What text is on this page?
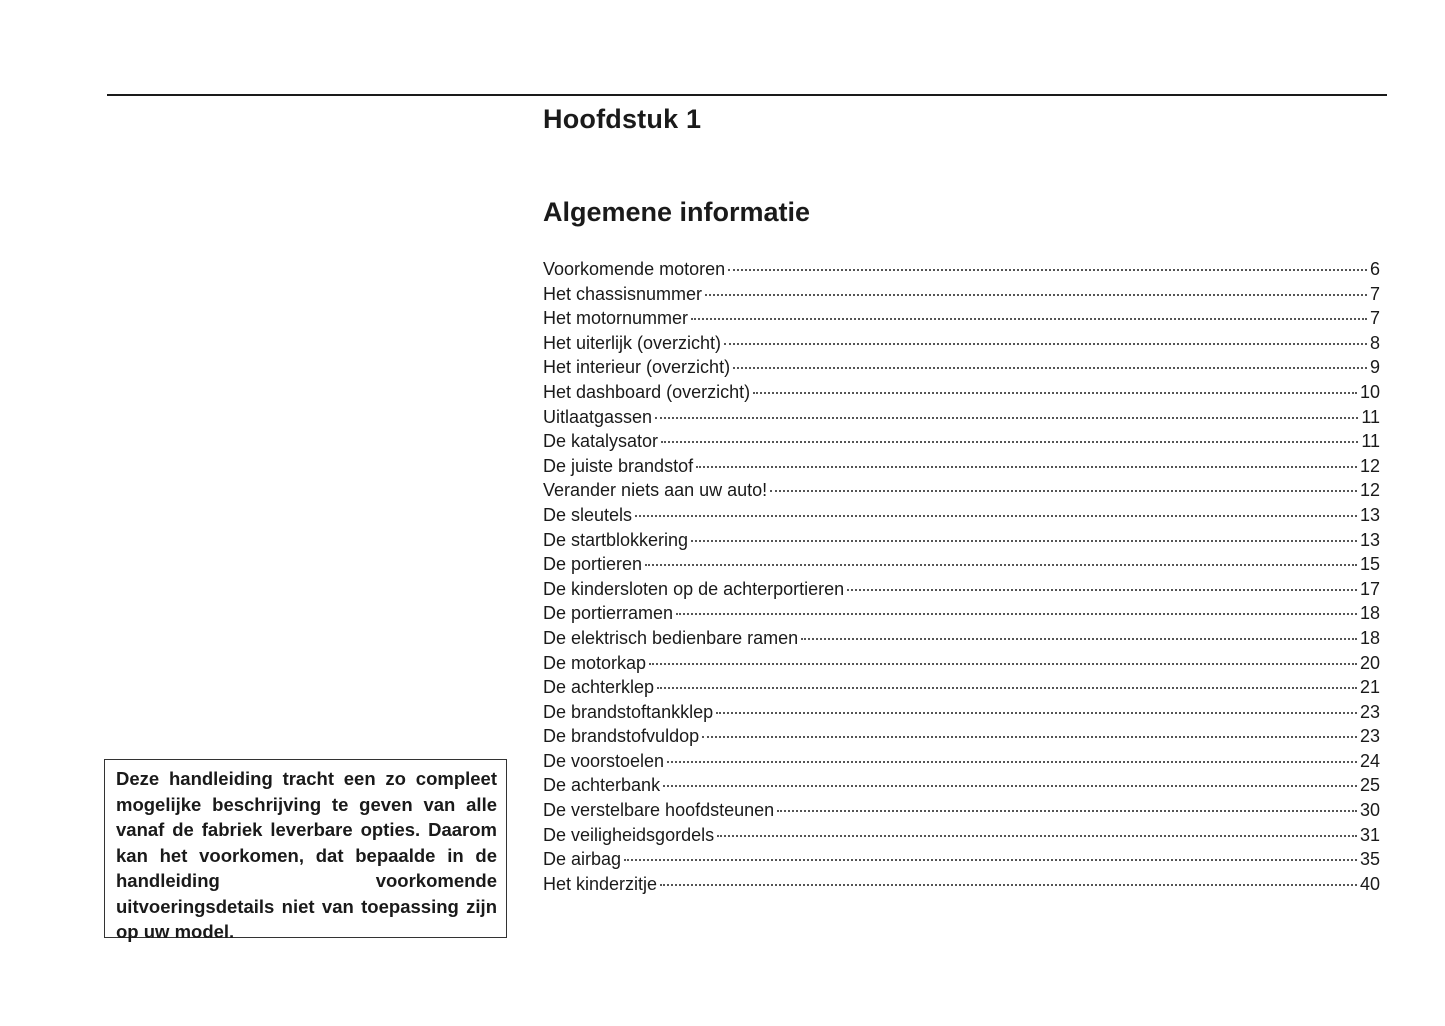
Hoofdstuk 1
Algemene informatie
Voorkomende motoren	6
Het chassisnummer	7
Het motornummer	7
Het uiterlijk (overzicht)	8
Het interieur (overzicht)	9
Het dashboard (overzicht)	10
Uitlaatgassen	11
De katalysator	11
De juiste brandstof	12
Verander niets aan uw auto!	12
De sleutels	13
De startblokkering	13
De portieren	15
De kindersloten op de achterportieren	17
De portierramen	18
De elektrisch bedienbare ramen	18
De motorkap	20
De achterklep	21
De brandstoftankklep	23
De brandstofvuldop	23
De voorstoelen	24
De achterbank	25
De verstelbare hoofdsteunen	30
De veiligheidsgordels	31
De airbag	35
Het kinderzitje	40

Deze handleiding tracht een zo compleet mogelijke beschrijving te geven van alle vanaf de fabriek leverbare opties. Daarom kan het voorkomen, dat bepaalde in de handleiding voorkomende uitvoeringsdetails niet van toepassing zijn op uw model.
